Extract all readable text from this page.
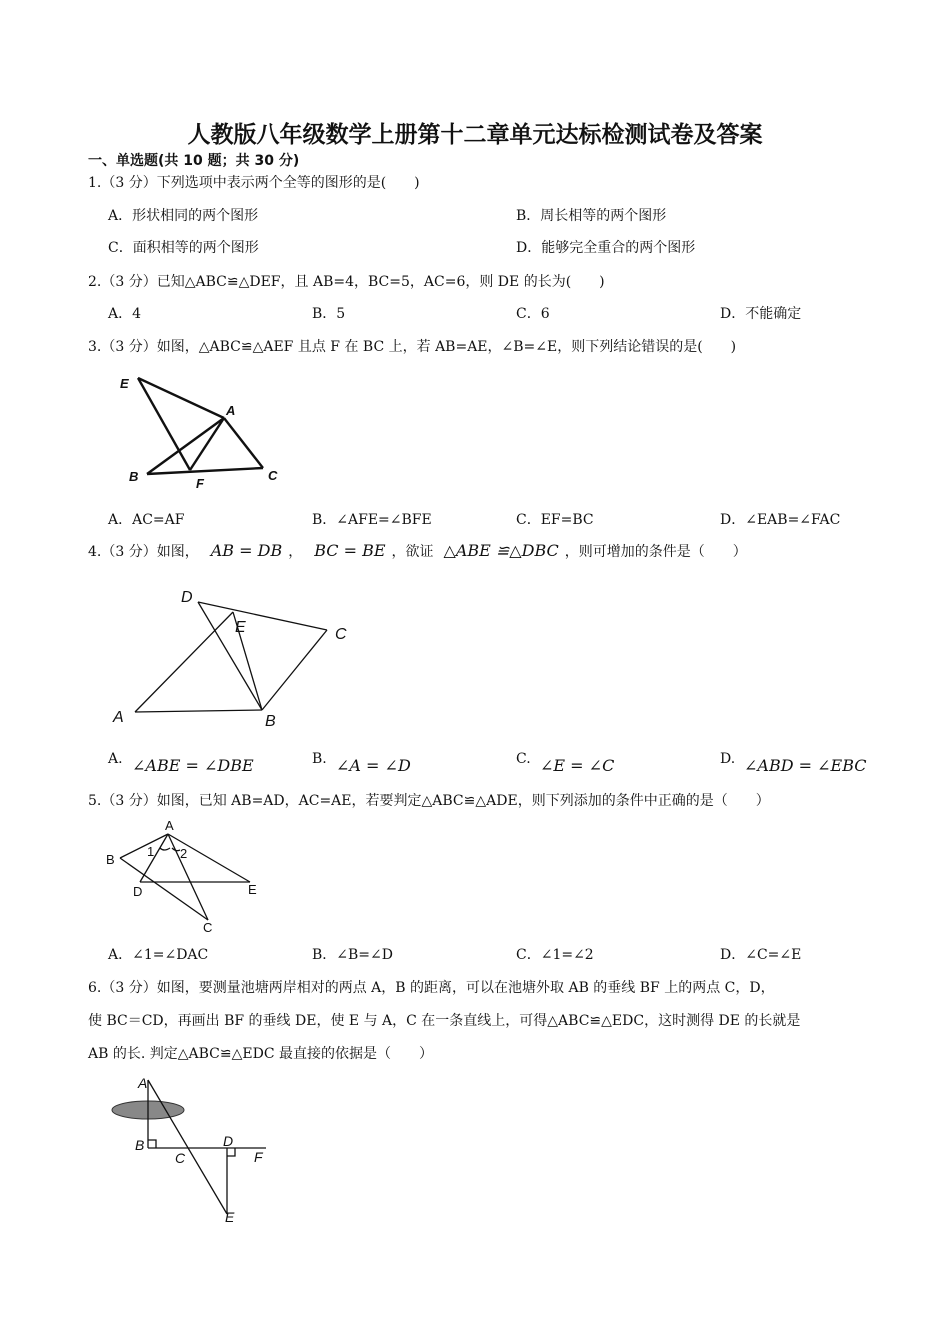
人教版八年级数学上册第十二章单元达标检测试卷及答案
一、单选题(共 10 题；共 30 分)
1.（3 分）下列选项中表示两个全等的图形的是(　　)
A．形状相同的两个图形	B．周长相等的两个图形
C．面积相等的两个图形	D．能够完全重合的两个图形
2.（3 分）已知△ABC≌△DEF，且 AB=4，BC=5，AC=6，则 DE 的长为(　　)
A．4	B．5	C．6	D．不能确定
3.（3 分）如图，△ABC≌△AEF 且点 F 在 BC 上，若 AB=AE，∠B=∠E，则下列结论错误的是(　　)
E
A
B	F
C
A．AC=AF	B．∠AFE=∠BFE	C．EF=BC	D．∠EAB=∠FAC
4.（3 分）如图， AB = DB ， BC = BE ，欲证 △ABE ≌△DBC ，则可增加的条件是（　　）
D
E	C
A	B
A. ∠ABE = ∠DBE	B. ∠A = ∠D	C. ∠E = ∠C	D. ∠ABD = ∠EBC
5.（3 分）如图，已知 AB=AD，AC=AE，若要判定△ABC≌△ADE，则下列添加的条件中正确的是（　　）
A
B
1 2
D	E
C
A．∠1=∠DAC	B．∠B=∠D	C．∠1=∠2	D．∠C=∠E
6.（3 分）如图，要测量池塘两岸相对的两点 A，B 的距离，可以在池塘外取 AB 的垂线 BF 上的两点 C，D，
使 BC＝CD，再画出 BF 的垂线 DE，使 E 与 A，C 在一条直线上，可得△ABC≌△EDC，这时测得 DE 的长就是
AB 的长. 判定△ABC≌△EDC 最直接的依据是（　　）
A
B
C
D
F
E
